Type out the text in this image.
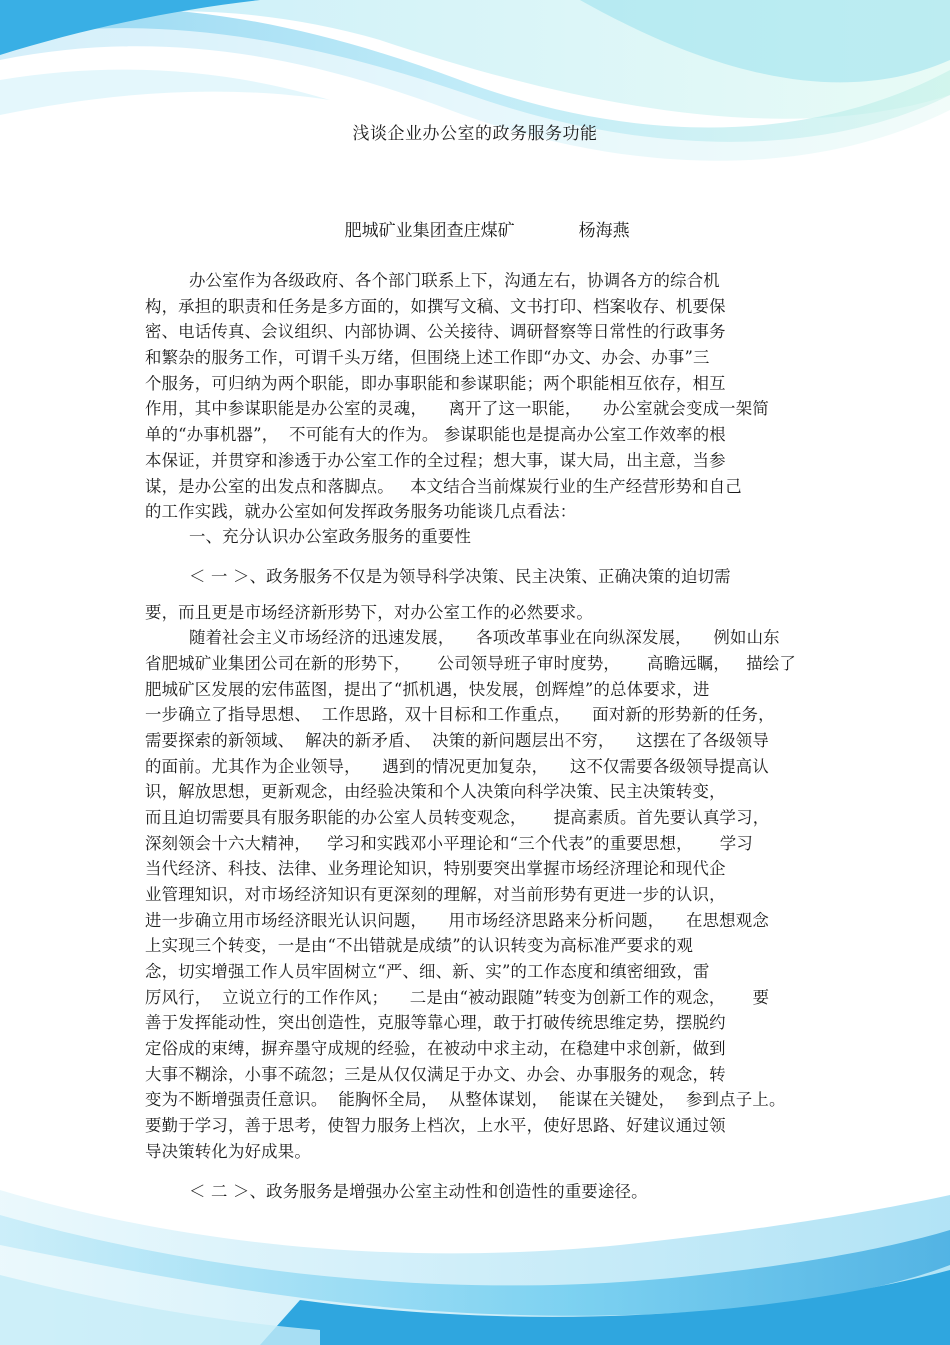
浅谈企业办公室的政务服务功能

肥城矿业集团查庄煤矿	杨海燕

办公室作为各级政府、各个部门联系上下，沟通左右，协调各方的综合机
构，承担的职责和任务是多方面的，如撰写文稿、文书打印、档案收存、机要保
密、电话传真、会议组织、内部协调、公关接待、调研督察等日常性的行政事务
和繁杂的服务工作，可谓千头万绪，但围绕上述工作即“办文、办会、办事”三
个服务，可归纳为两个职能，即办事职能和参谋职能；两个职能相互依存，相互
作用，其中参谋职能是办公室的灵魂，    离开了这一职能，    办公室就会变成一架简
单的“办事机器”，  不可能有大的作为。 参谋职能也是提高办公室工作效率的根
本保证，并贯穿和渗透于办公室工作的全过程；想大事，谋大局，出主意，当参
谋，是办公室的出发点和落脚点。   本文结合当前煤炭行业的生产经营形势和自己
的工作实践，就办公室如何发挥政务服务功能谈几点看法：
一、充分认识办公室政务服务的重要性
＜ 一 ＞、政务服务不仅是为领导科学决策、民主决策、正确决策的迫切需
要，而且更是市场经济新形势下，对办公室工作的必然要求。
随着社会主义市场经济的迅速发展，    各项改革事业在向纵深发展，    例如山东
省肥城矿业集团公司在新的形势下，     公司领导班子审时度势，     高瞻远瞩，   描绘了
肥城矿区发展的宏伟蓝图，提出了“抓机遇，快发展，创辉煌”的总体要求，进
一步确立了指导思想、  工作思路，双十目标和工作重点，    面对新的形势新的任务，
需要探索的新领域、  解决的新矛盾、  决策的新问题层出不穷，    这摆在了各级领导
的面前。尤其作为企业领导，    遇到的情况更加复杂，    这不仅需要各级领导提高认
识，解放思想，更新观念，由经验决策和个人决策向科学决策、民主决策转变，
而且迫切需要具有服务职能的办公室人员转变观念，     提高素质。首先要认真学习，
深刻领会十六大精神，   学习和实践邓小平理论和“三个代表”的重要思想，     学习
当代经济、科技、法律、业务理论知识，特别要突出掌握市场经济理论和现代企
业管理知识，对市场经济知识有更深刻的理解，对当前形势有更进一步的认识，
进一步确立用市场经济眼光认识问题，    用市场经济思路来分析问题，    在思想观念
上实现三个转变，一是由“不出错就是成绩”的认识转变为高标准严要求的观
念，切实增强工作人员牢固树立“严、细、新、实”的工作态度和缜密细致，雷
厉风行，  立说立行的工作作风；    二是由“被动跟随”转变为创新工作的观念，     要
善于发挥能动性，突出创造性，克服等靠心理，敢于打破传统思维定势，摆脱约
定俗成的束缚，摒弃墨守成规的经验，在被动中求主动，在稳建中求创新，做到
大事不糊涂，小事不疏忽；三是从仅仅满足于办文、办会、办事服务的观念，转
变为不断增强责任意识。  能胸怀全局，  从整体谋划，  能谋在关键处，  参到点子上。
要勤于学习，善于思考，使智力服务上档次，上水平，使好思路、好建议通过领
导决策转化为好成果。
＜ 二 ＞、政务服务是增强办公室主动性和创造性的重要途径。
